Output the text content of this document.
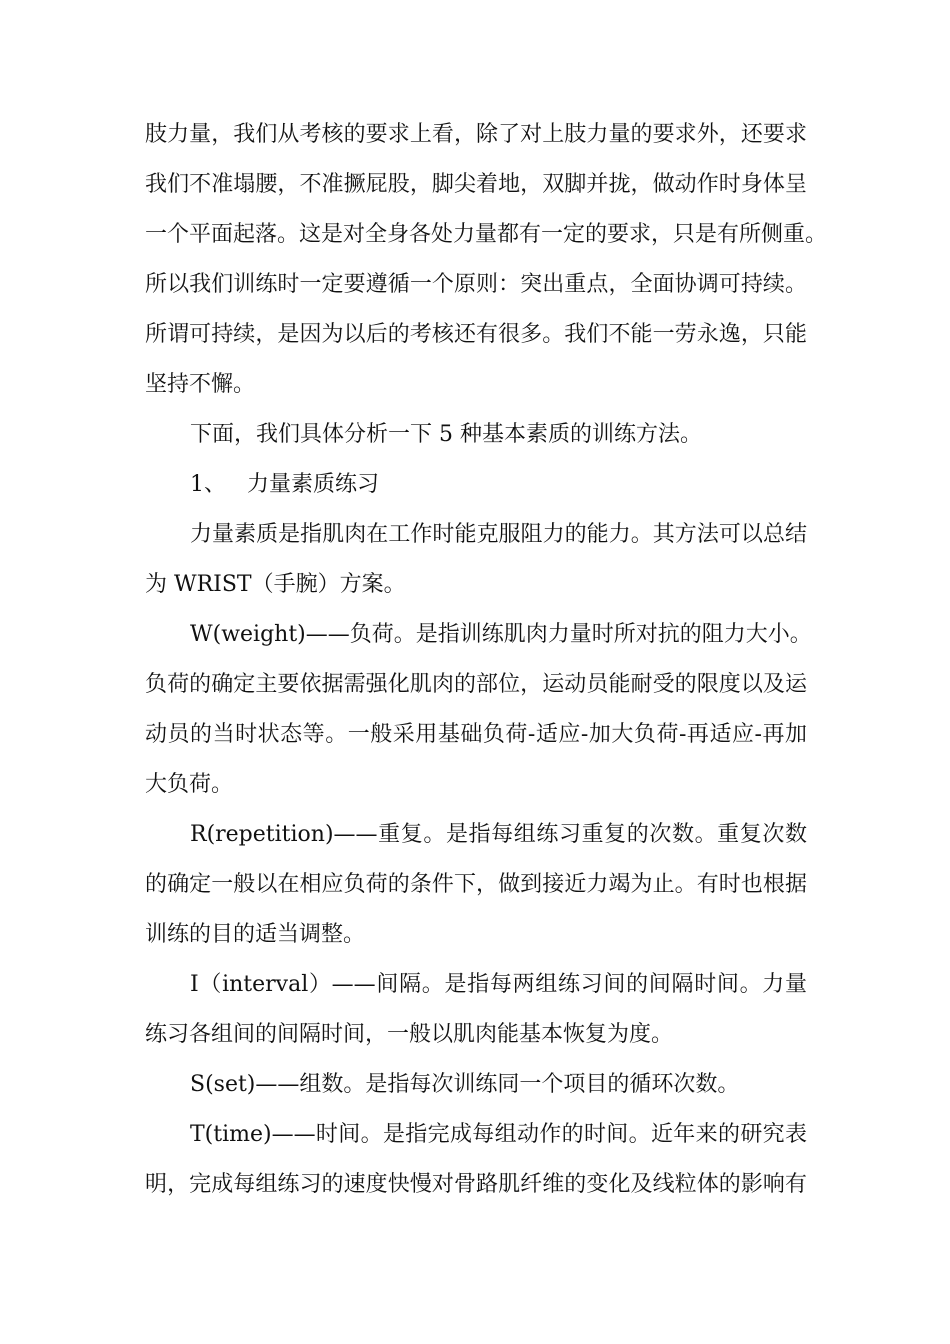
肢力量，我们从考核的要求上看，除了对上肢力量的要求外，还要求
我们不准塌腰，不准撅屁股，脚尖着地，双脚并拢，做动作时身体呈
一个平面起落。这是对全身各处力量都有一定的要求，只是有所侧重。
所以我们训练时一定要遵循一个原则：突出重点，全面协调可持续。
所谓可持续，是因为以后的考核还有很多。我们不能一劳永逸，只能
坚持不懈。
下面，我们具体分析一下 5 种基本素质的训练方法。
1、 力量素质练习
力量素质是指肌肉在工作时能克服阻力的能力。其方法可以总结
为 WRIST（手腕）方案。
W(weight)——负荷。是指训练肌肉力量时所对抗的阻力大小。
负荷的确定主要依据需强化肌肉的部位，运动员能耐受的限度以及运
动员的当时状态等。一般采用基础负荷-适应-加大负荷-再适应-再加
大负荷。
R(repetition)——重复。是指每组练习重复的次数。重复次数
的确定一般以在相应负荷的条件下，做到接近力竭为止。有时也根据
训练的目的适当调整。
I（interval）——间隔。是指每两组练习间的间隔时间。力量
练习各组间的间隔时间，一般以肌肉能基本恢复为度。
S(set)——组数。是指每次训练同一个项目的循环次数。
T(time)——时间。是指完成每组动作的时间。近年来的研究表
明，完成每组练习的速度快慢对骨路肌纤维的变化及线粒体的影响有
